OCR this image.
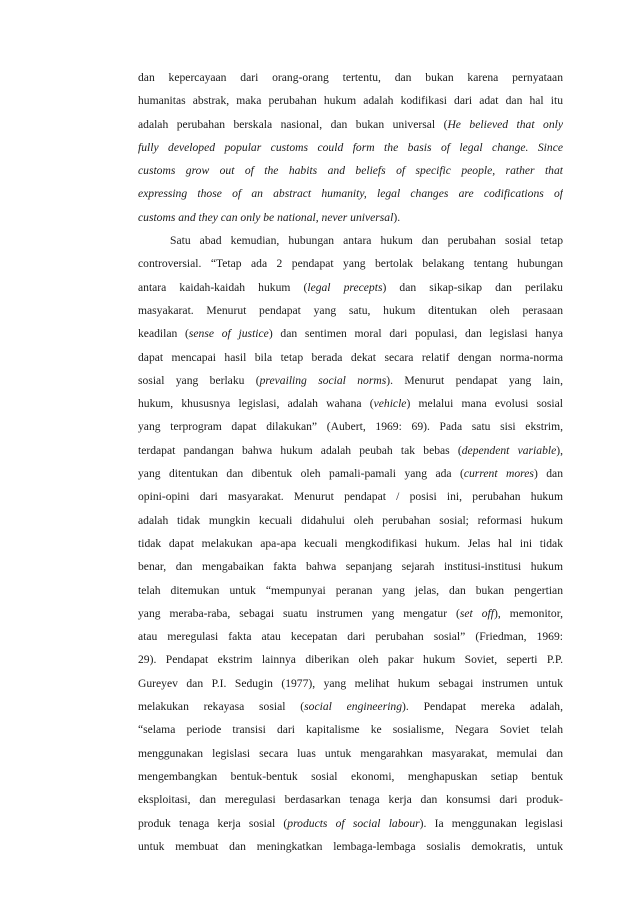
dan kepercayaan dari orang-orang tertentu, dan bukan karena pernyataan
humanitas abstrak, maka perubahan hukum adalah kodifikasi dari adat dan hal itu
adalah perubahan berskala nasional, dan bukan universal (He believed that only
fully developed popular customs could form the basis of legal change. Since
customs grow out of the habits and beliefs of specific people, rather that
expressing those of an abstract humanity, legal changes are codifications of
customs and they can only be national, never universal).
Satu abad kemudian, hubungan antara hukum dan perubahan sosial tetap
controversial. “Tetap ada 2 pendapat yang bertolak belakang tentang hubungan
antara kaidah-kaidah hukum (legal precepts) dan sikap-sikap dan perilaku
masyakarat. Menurut pendapat yang satu, hukum ditentukan oleh perasaan
keadilan (sense of justice) dan sentimen moral dari populasi, dan legislasi hanya
dapat mencapai hasil bila tetap berada dekat secara relatif dengan norma-norma
sosial yang berlaku (prevailing social norms). Menurut pendapat yang lain,
hukum, khususnya legislasi, adalah wahana (vehicle) melalui mana evolusi sosial
yang terprogram dapat dilakukan” (Aubert, 1969: 69). Pada satu sisi ekstrim,
terdapat pandangan bahwa hukum adalah peubah tak bebas (dependent variable),
yang ditentukan dan dibentuk oleh pamali-pamali yang ada (current mores) dan
opini-opini dari masyarakat. Menurut pendapat / posisi ini, perubahan hukum
adalah tidak mungkin kecuali didahului oleh perubahan sosial; reformasi hukum
tidak dapat melakukan apa-apa kecuali mengkodifikasi hukum. Jelas hal ini tidak
benar, dan mengabaikan fakta bahwa sepanjang sejarah institusi-institusi hukum
telah ditemukan untuk “mempunyai peranan yang jelas, dan bukan pengertian
yang meraba-raba, sebagai suatu instrumen yang mengatur (set off), memonitor,
atau meregulasi fakta atau kecepatan dari perubahan sosial” (Friedman, 1969:
29). Pendapat ekstrim lainnya diberikan oleh pakar hukum Soviet, seperti P.P.
Gureyev dan P.I. Sedugin (1977), yang melihat hukum sebagai instrumen untuk
melakukan rekayasa sosial (social engineering). Pendapat mereka adalah,
“selama periode transisi dari kapitalisme ke sosialisme, Negara Soviet telah
menggunakan legislasi secara luas untuk mengarahkan masyarakat, memulai dan
mengembangkan bentuk-bentuk sosial ekonomi, menghapuskan setiap bentuk
eksploitasi, dan meregulasi berdasarkan tenaga kerja dan konsumsi dari produk-
produk tenaga kerja sosial (products of social labour). Ia menggunakan legislasi
untuk membuat dan meningkatkan lembaga-lembaga sosialis demokratis, untuk
